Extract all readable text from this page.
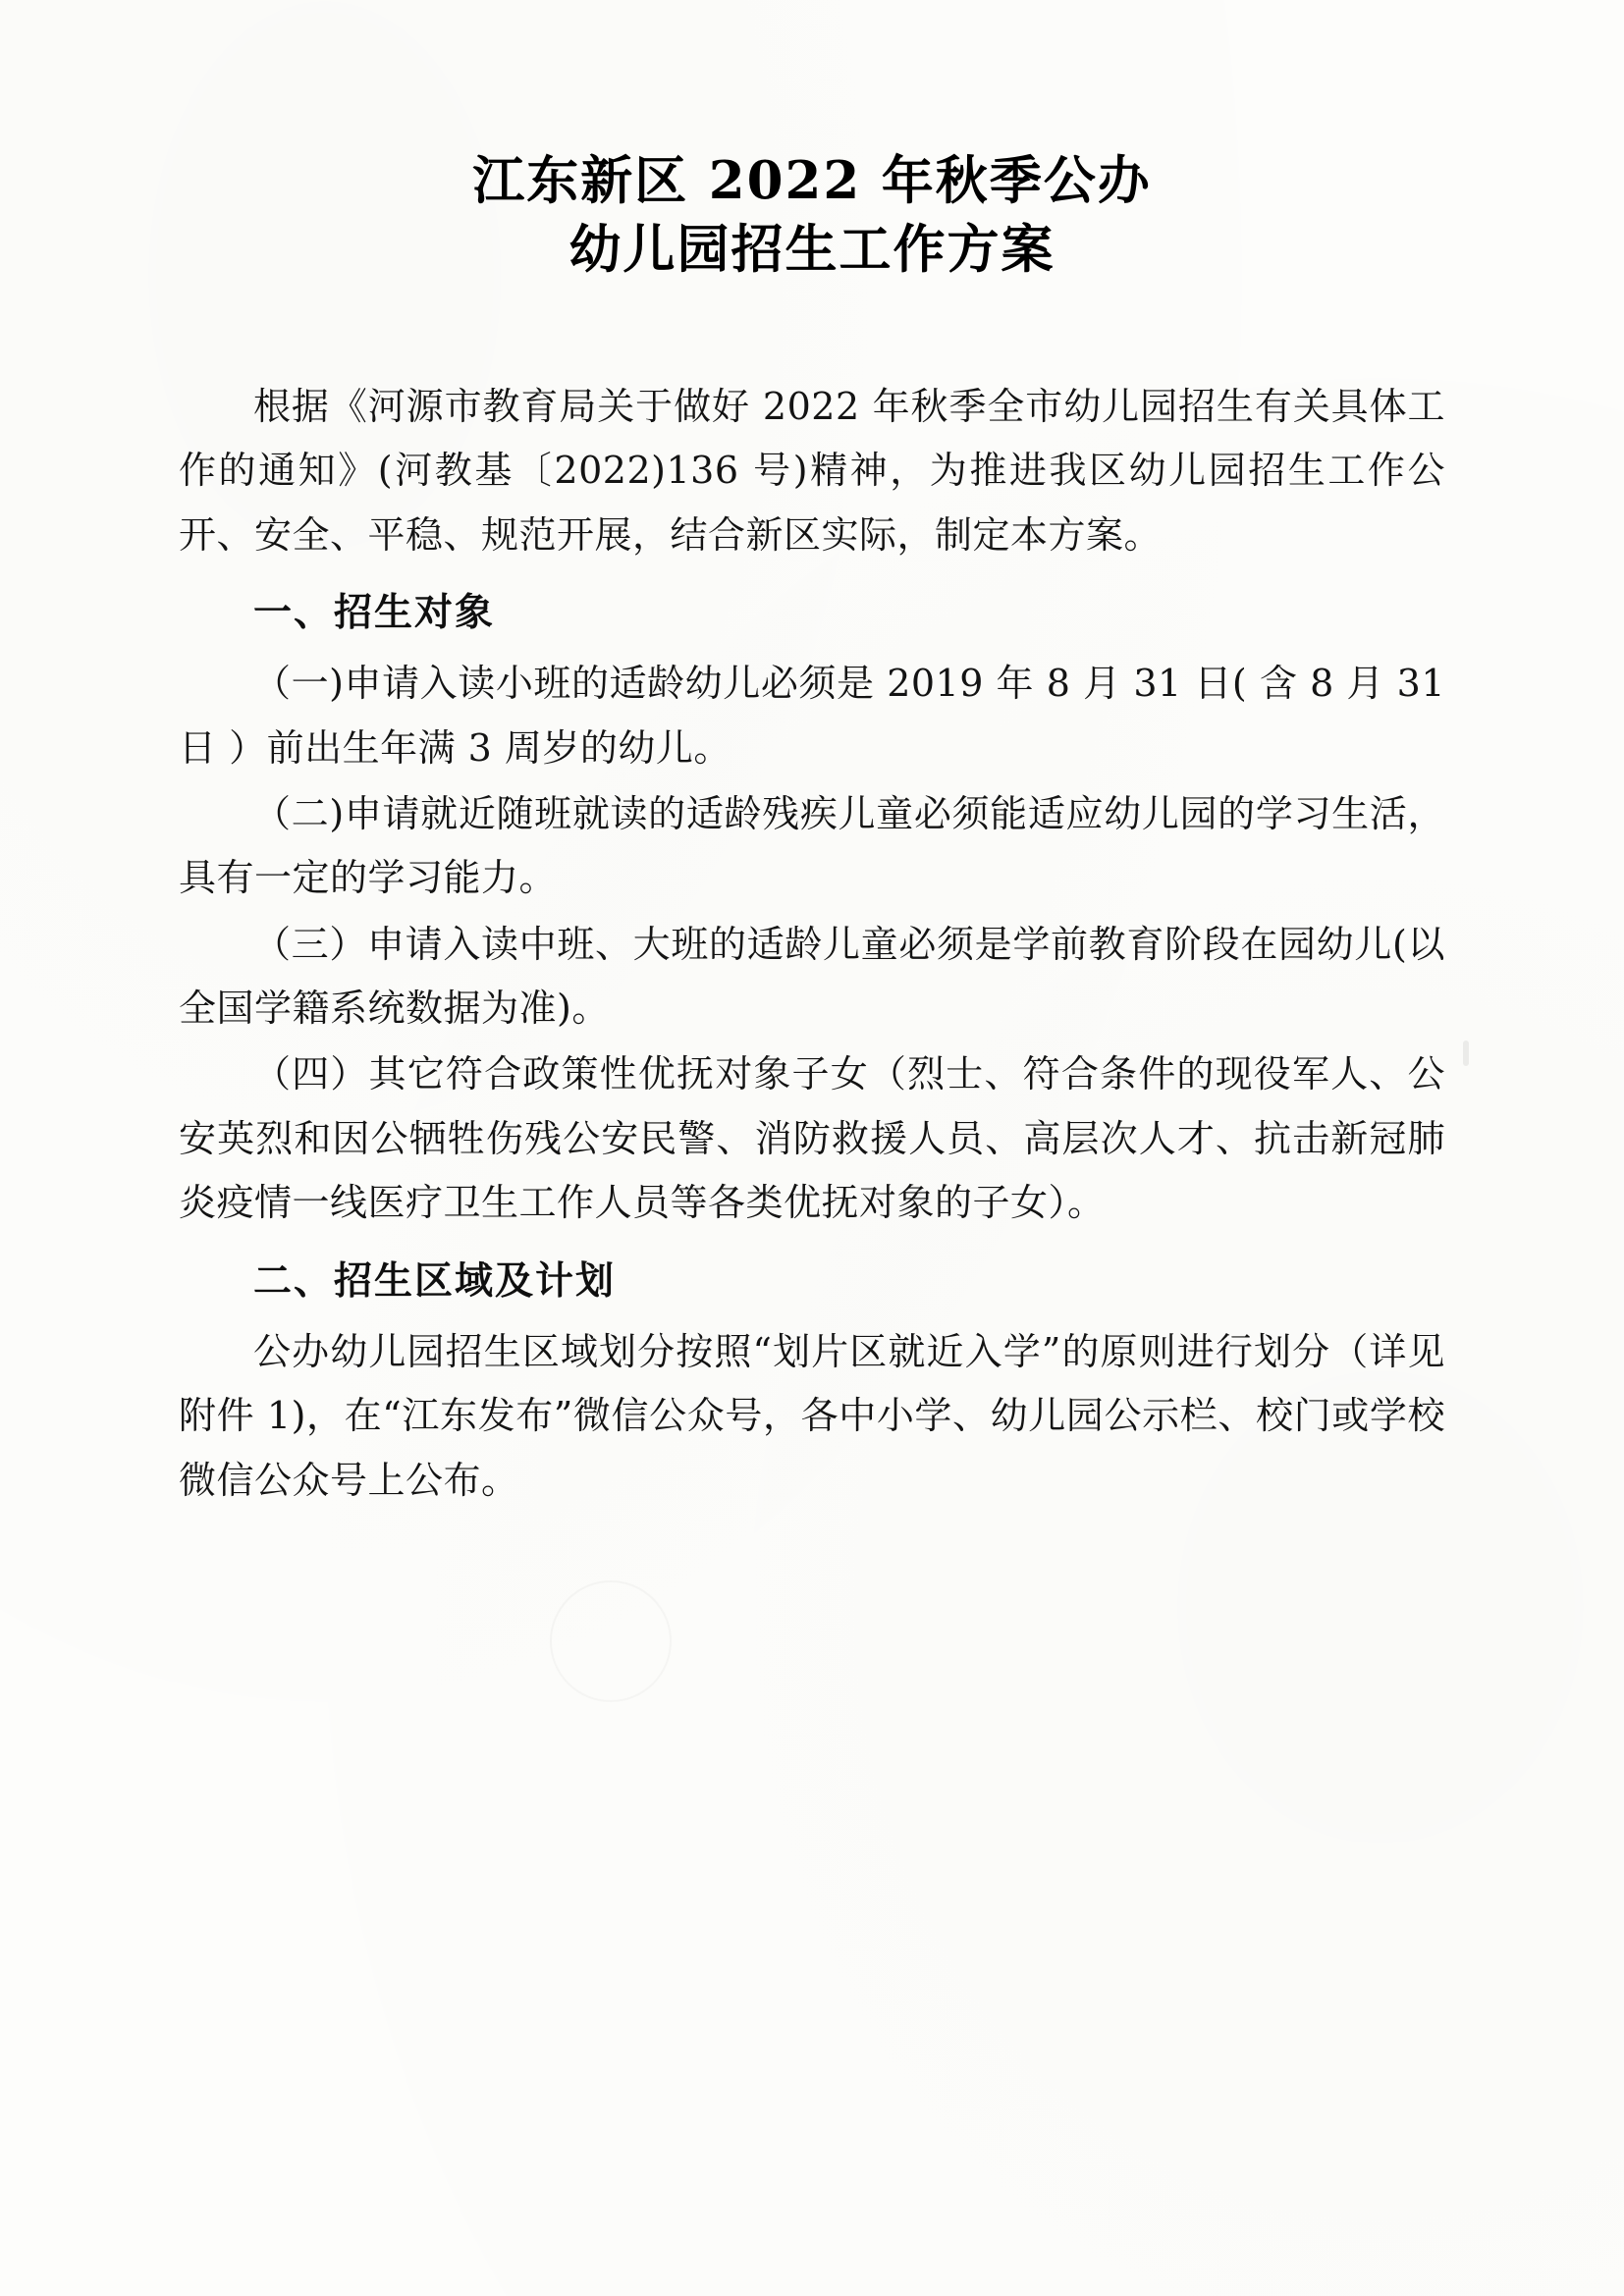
江东新区 2022 年秋季公办
幼儿园招生工作方案

根据《河源市教育局关于做好 2022 年秋季全市幼儿园招生有关具体工作的通知》(河教基〔2022)136 号)精神，为推进我区幼儿园招生工作公开、安全、平稳、规范开展，结合新区实际，制定本方案。

一、招生对象

（一)申请入读小班的适龄幼儿必须是 2019 年 8 月 31 日( 含 8 月 31 日 ）前出生年满 3 周岁的幼儿。

（二)申请就近随班就读的适龄残疾儿童必须能适应幼儿园的学习生活，具有一定的学习能力。

（三）申请入读中班、大班的适龄儿童必须是学前教育阶段在园幼儿(以全国学籍系统数据为准)。

（四）其它符合政策性优抚对象子女（烈士、符合条件的现役军人、公安英烈和因公牺牲伤残公安民警、消防救援人员、高层次人才、抗击新冠肺炎疫情一线医疗卫生工作人员等各类优抚对象的子女）。

二、招生区域及计划

公办幼儿园招生区域划分按照“划片区就近入学”的原则进行划分（详见附件 1)，在“江东发布”微信公众号，各中小学、幼儿园公示栏、校门或学校微信公众号上公布。
